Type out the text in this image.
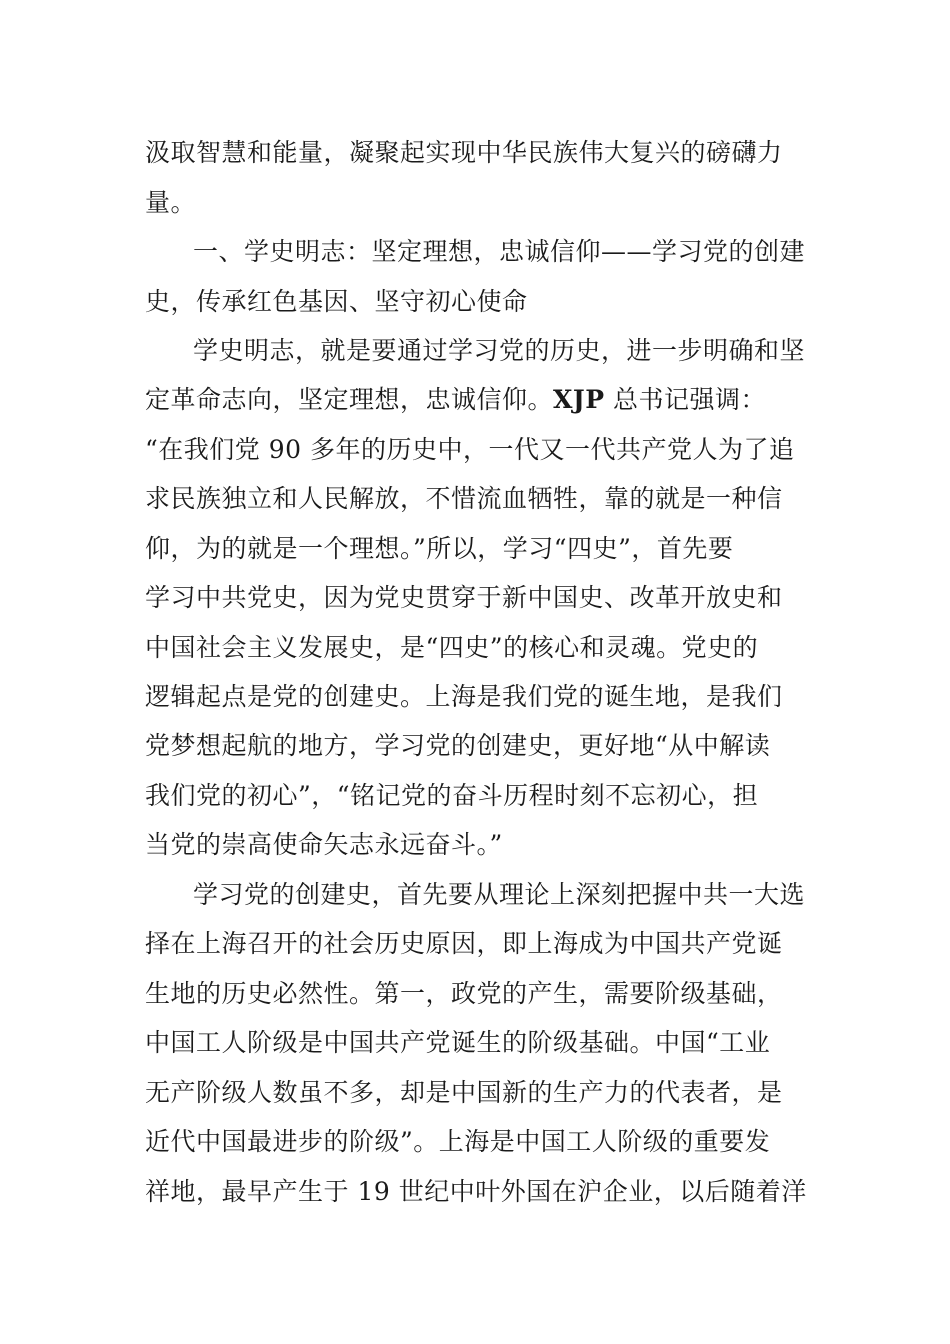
汲取智慧和能量，凝聚起实现中华民族伟大复兴的磅礴力
量。
一、学史明志：坚定理想，忠诚信仰——学习党的创建
史，传承红色基因、坚守初心使命
学史明志，就是要通过学习党的历史，进一步明确和坚
定革命志向，坚定理想，忠诚信仰。XJP 总书记强调：
“在我们党 90 多年的历史中，一代又一代共产党人为了追
求民族独立和人民解放，不惜流血牺牲，靠的就是一种信
仰，为的就是一个理想。”所以，学习“四史”，首先要
学习中共党史，因为党史贯穿于新中国史、改革开放史和
中国社会主义发展史，是“四史”的核心和灵魂。党史的
逻辑起点是党的创建史。上海是我们党的诞生地，是我们
党梦想起航的地方，学习党的创建史，更好地“从中解读
我们党的初心”，“铭记党的奋斗历程时刻不忘初心，担
当党的崇高使命矢志永远奋斗。”
学习党的创建史，首先要从理论上深刻把握中共一大选
择在上海召开的社会历史原因，即上海成为中国共产党诞
生地的历史必然性。第一，政党的产生，需要阶级基础，
中国工人阶级是中国共产党诞生的阶级基础。中国“工业
无产阶级人数虽不多，却是中国新的生产力的代表者，是
近代中国最进步的阶级”。上海是中国工人阶级的重要发
祥地，最早产生于 19 世纪中叶外国在沪企业，以后随着洋
